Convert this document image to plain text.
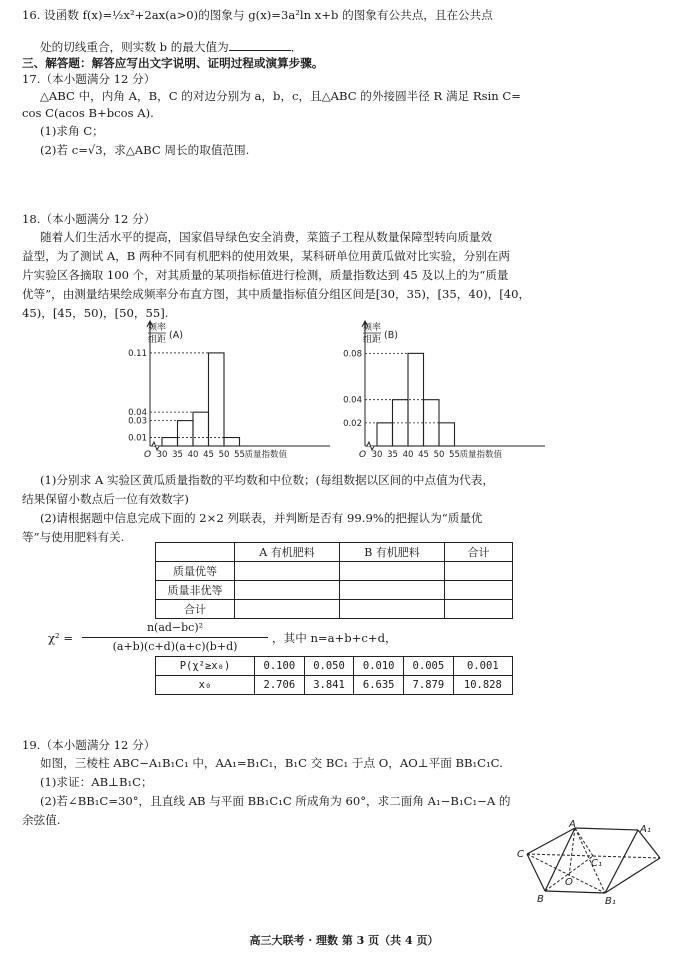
16. 设函数 f(x)=½x²+2ax(a>0)的图象与 g(x)=3a²ln x+b 的图象有公共点，且在公共点
处的切线重合，则实数 b 的最大值为	．
三、解答题：解答应写出文字说明、证明过程或演算步骤。
17.（本小题满分 12 分）
△ABC 中，内角 A，B，C 的对边分别为 a，b，c，且△ABC 的外接圆半径 R 满足 Rsin C=
cos C(acos B+bcos A).
(1)求角 C；
(2)若 c=√3，求△ABC 周长的取值范围.
18.（本小题满分 12 分）
随着人们生活水平的提高，国家倡导绿色安全消费，菜篮子工程从数量保障型转向质量效
益型，为了测试 A，B 两种不同有机肥料的使用效果，某科研单位用黄瓜做对比实验，分别在两
片实验区各摘取 100 个，对其质量的某项指标值进行检测，质量指数达到 45 及以上的为“质量
优等”，由测量结果绘成频率分布直方图，其中质量指标值分组区间是[30，35)，[35，40)，[40，
45)，[45，50)，[50，55].
频率
组距 (A)
O
0.01
0.03
0.04
0.11
30 35 40 45 50 55 质量指数值
频率
组距 (B)
O
0.02
0.04
0.08
30 35 40 45 50 55 质量指数值
(1)分别求 A 实验区黄瓜质量指数的平均数和中位数；(每组数据以区间的中点值为代表，
结果保留小数点后一位有效数字)
(2)请根据题中信息完成下面的 2×2 列联表，并判断是否有 99.9%的把握认为“质量优
等”与使用肥料有关.
	A 有机肥料	B 有机肥料	合计
质量优等			
质量非优等			
合计			
χ² =
n(ad−bc)²
(a+b)(c+d)(a+c)(b+d)
，其中 n=a+b+c+d，
P(χ²≥x₀)	0.100	0.050	0.010	0.005	0.001
x₀	2.706	3.841	6.635	7.879	10.828
19.（本小题满分 12 分）
如图，三棱柱 ABC−A₁B₁C₁ 中，AA₁=B₁C₁，B₁C 交 BC₁ 于点 O，AO⊥平面 BB₁C₁C.
(1)求证：AB⊥B₁C；
(2)若∠BB₁C=30°，且直线 AB 与平面 BB₁C₁C 所成角为 60°，求二面角 A₁−B₁C₁−A 的
余弦值.	A	A₁
C
C₁
O
B	B₁
高三大联考 · 理数 第 3 页（共 4 页）
